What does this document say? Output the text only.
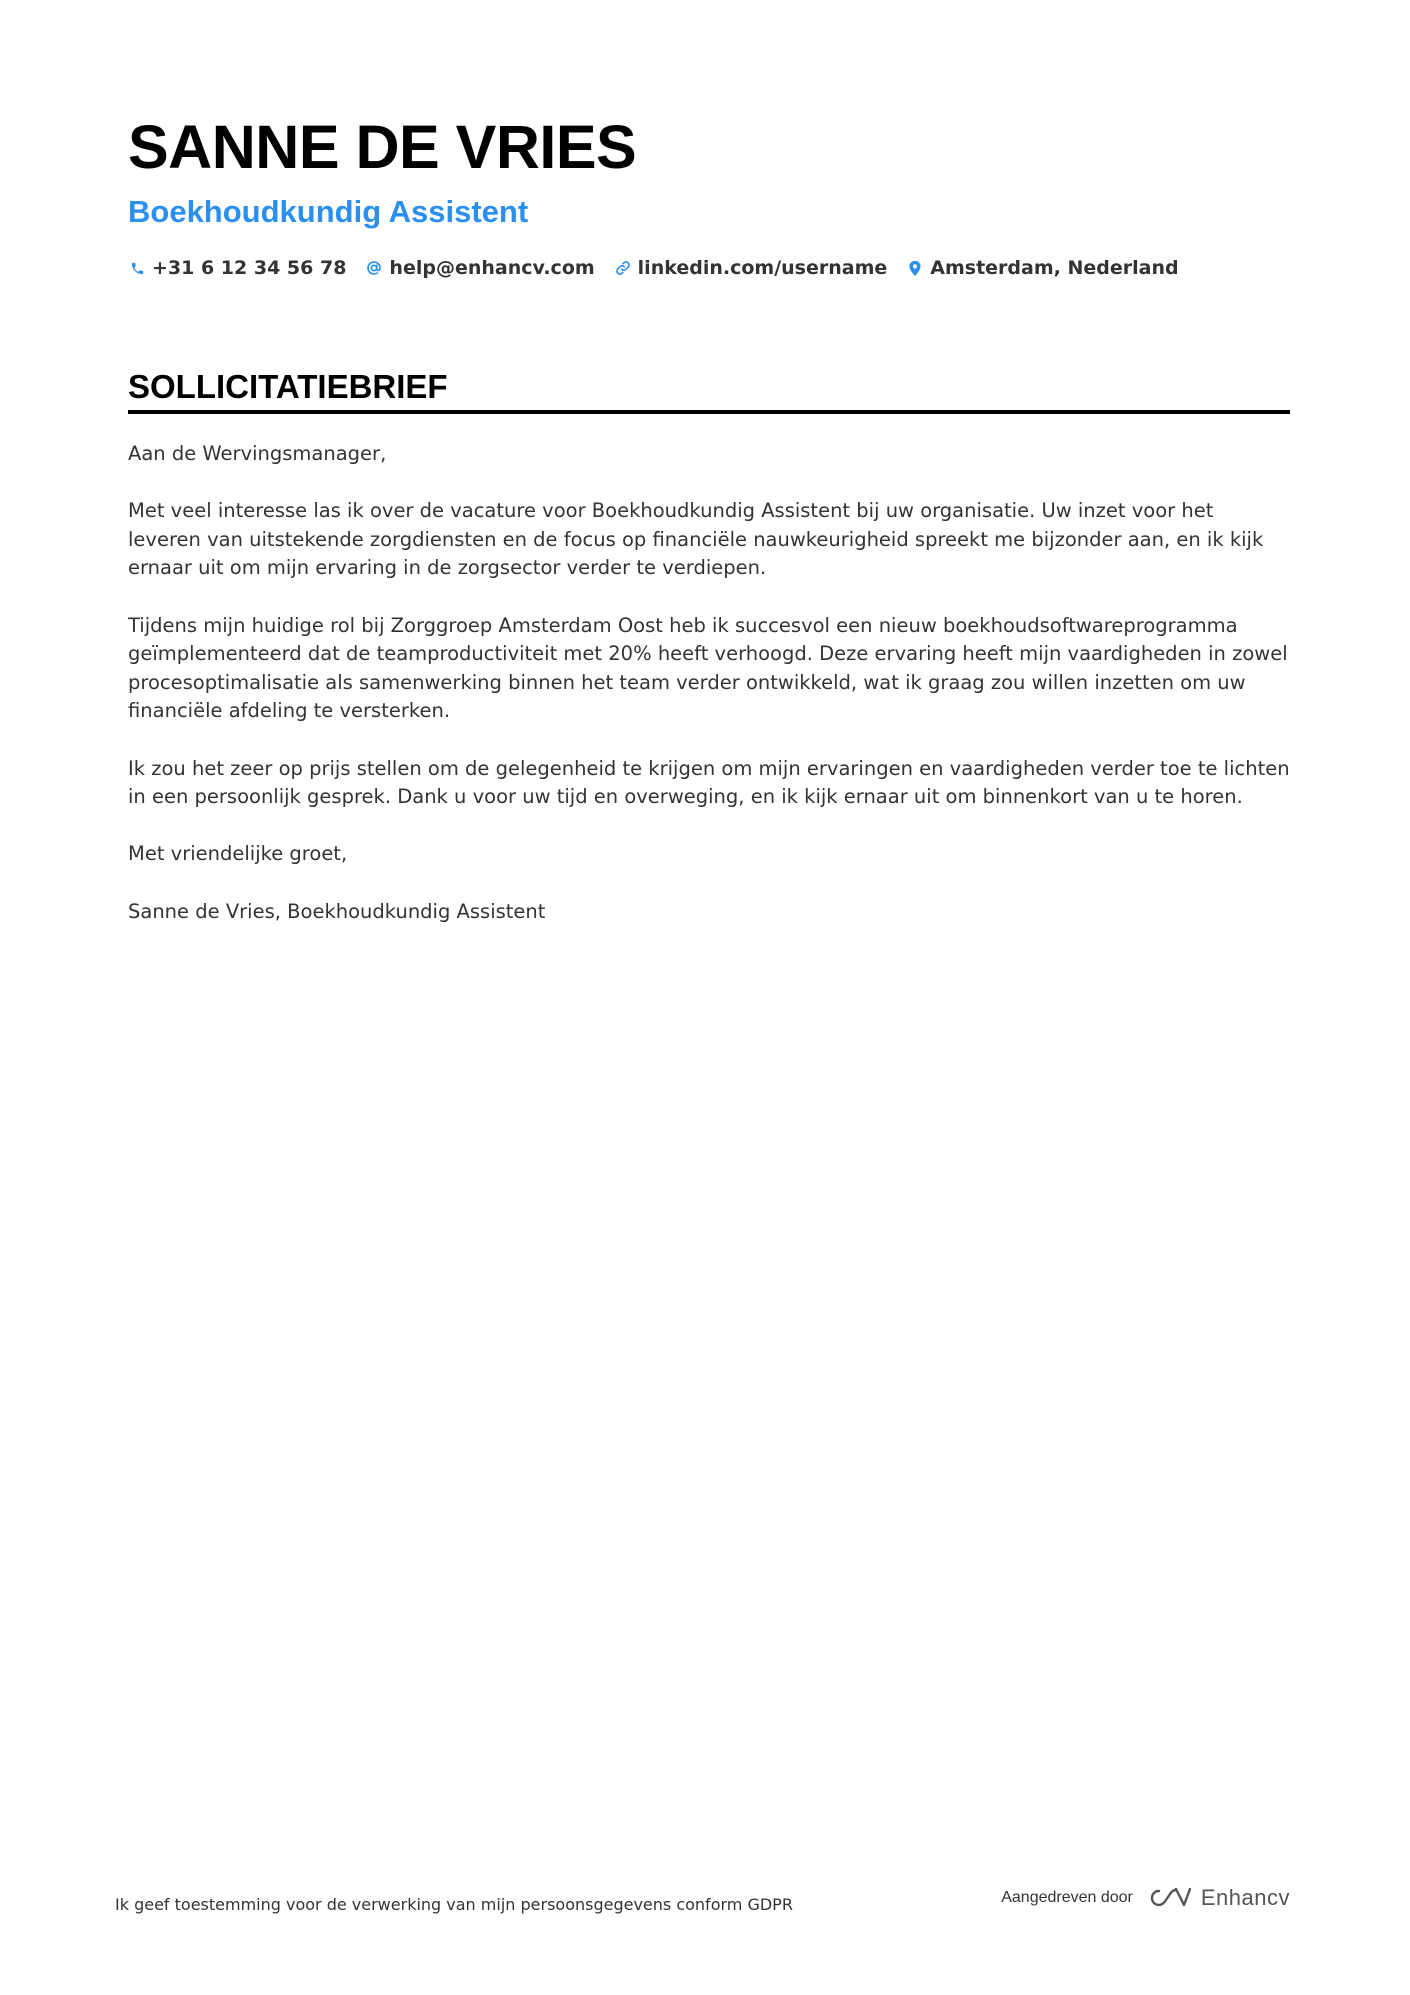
SANNE DE VRIES
Boekhoudkundig Assistent
+31 6 12 34 56 78 help@enhancv.com linkedin.com/username Amsterdam, Nederland
SOLLICITATIEBRIEF

Aan de Wervingsmanager,

Met veel interesse las ik over de vacature voor Boekhoudkundig Assistent bij uw organisatie. Uw inzet voor het leveren van uitstekende zorgdiensten en de focus op financiële nauwkeurigheid spreekt me bijzonder aan, en ik kijk ernaar uit om mijn ervaring in de zorgsector verder te verdiepen.

Tijdens mijn huidige rol bij Zorggroep Amsterdam Oost heb ik succesvol een nieuw boekhoudsoftwareprogramma geïmplementeerd dat de teamproductiviteit met 20% heeft verhoogd. Deze ervaring heeft mijn vaardigheden in zowel procesoptimalisatie als samenwerking binnen het team verder ontwikkeld, wat ik graag zou willen inzetten om uw financiële afdeling te versterken.

Ik zou het zeer op prijs stellen om de gelegenheid te krijgen om mijn ervaringen en vaardigheden verder toe te lichten in een persoonlijk gesprek. Dank u voor uw tijd en overweging, en ik kijk ernaar uit om binnenkort van u te horen.

Met vriendelijke groet,

Sanne de Vries, Boekhoudkundig Assistent

Ik geef toestemming voor de verwerking van mijn persoonsgegevens conform GDPR	Aangedreven door	Enhancv
